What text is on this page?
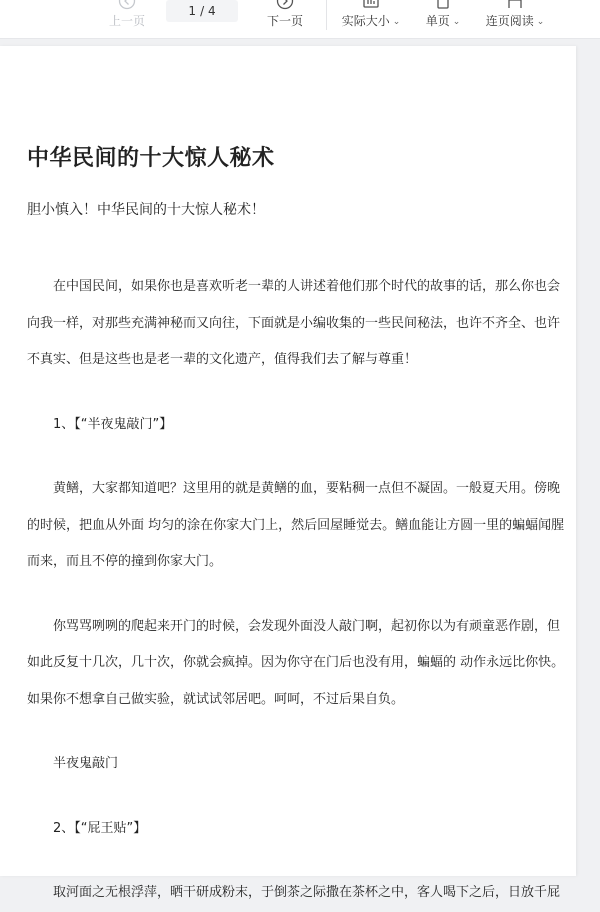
上一页
1 / 4
下一页	实际大小 ⌄	单页 ⌄	连页阅读 ⌄
中华民间的十大惊人秘术

胆小慎入！中华民间的十大惊人秘术！

在中国民间，如果你也是喜欢听老一辈的人讲述着他们那个时代的故事的话，那么你也会向我一样，对那些充满神秘而又向往，下面就是小编收集的一些民间秘法，也许不齐全、也许不真实、但是这些也是老一辈的文化遗产，值得我们去了解与尊重！

1、【“半夜鬼敲门”】

黄鳝，大家都知道吧？这里用的就是黄鳝的血，要粘稠一点但不凝固。一般夏天用。傍晚的时候，把血从外面 均匀的涂在你家大门上，然后回屋睡觉去。鳝血能让方圆一里的蝙蝠闻腥而来，而且不停的撞到你家大门。

你骂骂咧咧的爬起来开门的时候，会发现外面没人敲门啊，起初你以为有顽童恶作剧，但如此反复十几次，几十次，你就会疯掉。因为你守在门后也没有用，蝙蝠的 动作永远比你快。如果你不想拿自己做实验，就试试邻居吧。呵呵，不过后果自负。

半夜鬼敲门

2、【“屁王贴”】

取河面之无根浮萍，晒干研成粉末，于倒茶之际撒在茶杯之中，客人喝下之后，日放千屁
